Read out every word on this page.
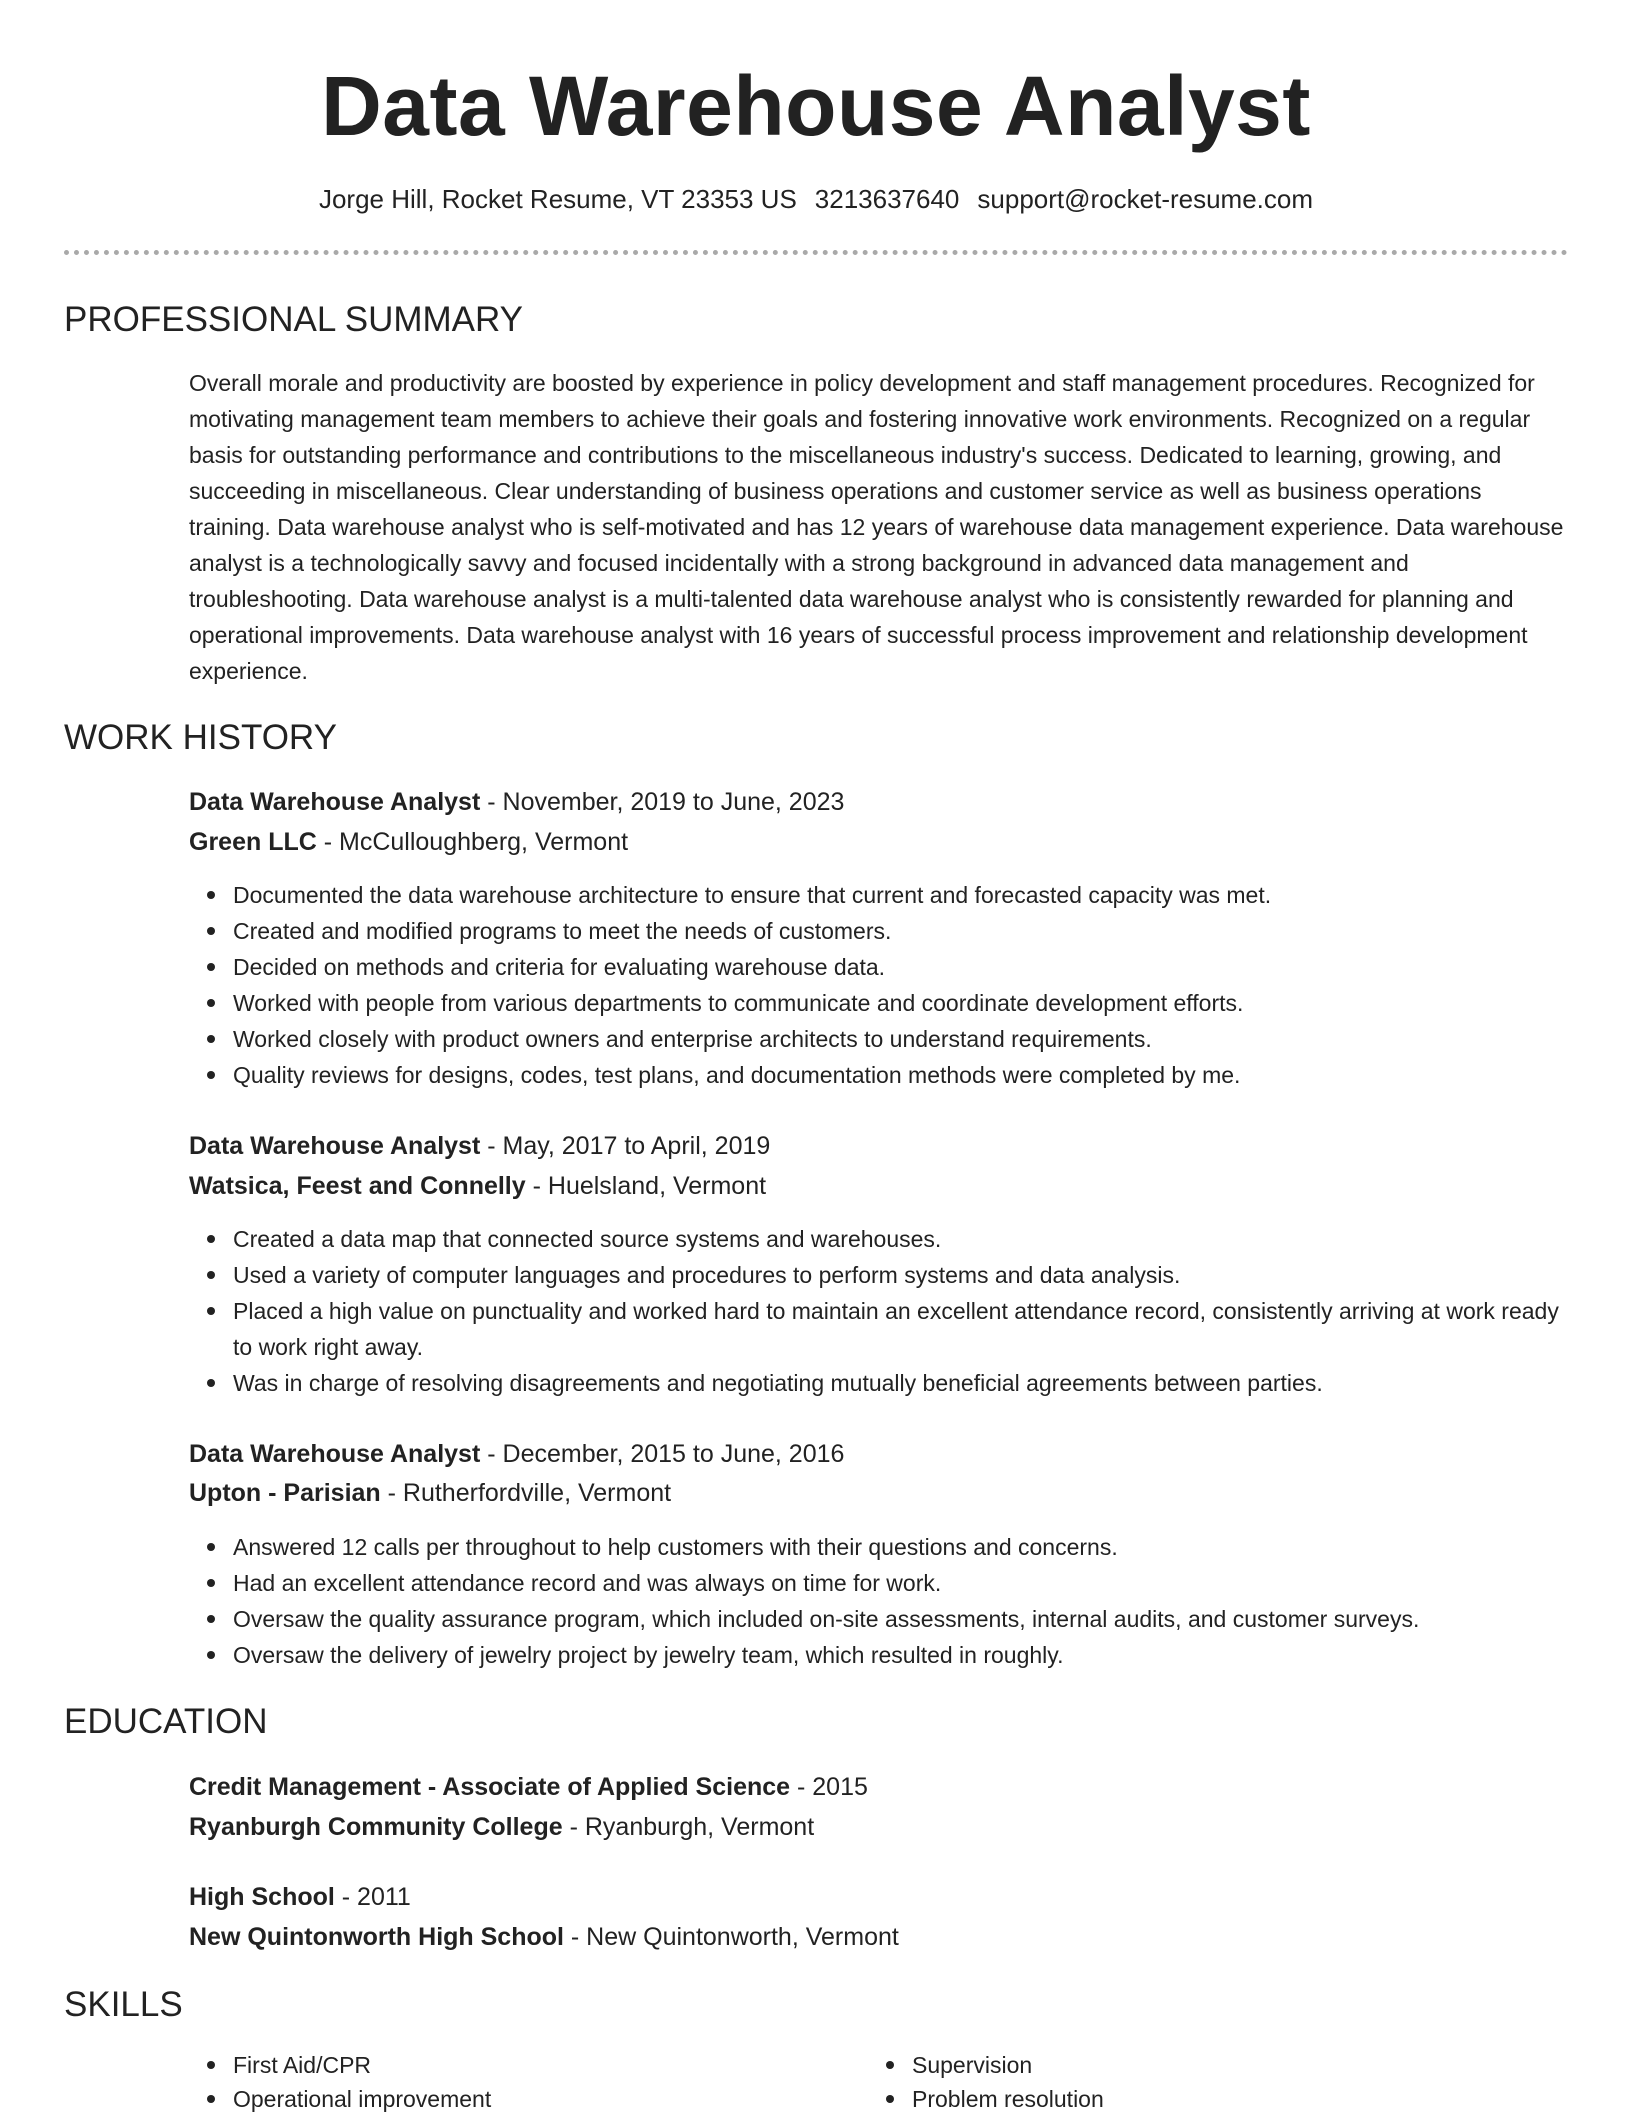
Data Warehouse Analyst
Jorge Hill, Rocket Resume, VT 23353 US 3213637640 support@rocket-resume.com
PROFESSIONAL SUMMARY

Overall morale and productivity are boosted by experience in policy development and staff management procedures. Recognized for motivating management team members to achieve their goals and fostering innovative work environments. Recognized on a regular basis for outstanding performance and contributions to the miscellaneous industry's success. Dedicated to learning, growing, and succeeding in miscellaneous. Clear understanding of business operations and customer service as well as business operations training. Data warehouse analyst who is self-motivated and has 12 years of warehouse data management experience. Data warehouse analyst is a technologically savvy and focused incidentally with a strong background in advanced data management and troubleshooting. Data warehouse analyst is a multi-talented data warehouse analyst who is consistently rewarded for planning and operational improvements. Data warehouse analyst with 16 years of successful process improvement and relationship development experience.

WORK HISTORY
Data Warehouse Analyst - November, 2019 to June, 2023
Green LLC - McCulloughberg, Vermont
Documented the data warehouse architecture to ensure that current and forecasted capacity was met.
Created and modified programs to meet the needs of customers.
Decided on methods and criteria for evaluating warehouse data.
Worked with people from various departments to communicate and coordinate development efforts.
Worked closely with product owners and enterprise architects to understand requirements.
Quality reviews for designs, codes, test plans, and documentation methods were completed by me.
Data Warehouse Analyst - May, 2017 to April, 2019
Watsica, Feest and Connelly - Huelsland, Vermont
Created a data map that connected source systems and warehouses.
Used a variety of computer languages and procedures to perform systems and data analysis.
Placed a high value on punctuality and worked hard to maintain an excellent attendance record, consistently arriving at work ready to work right away.
Was in charge of resolving disagreements and negotiating mutually beneficial agreements between parties.
Data Warehouse Analyst - December, 2015 to June, 2016
Upton - Parisian - Rutherfordville, Vermont
Answered 12 calls per throughout to help customers with their questions and concerns.
Had an excellent attendance record and was always on time for work.
Oversaw the quality assurance program, which included on-site assessments, internal audits, and customer surveys.
Oversaw the delivery of jewelry project by jewelry team, which resulted in roughly.
EDUCATION
Credit Management - Associate of Applied Science - 2015
Ryanburgh Community College - Ryanburgh, Vermont
High School - 2011
New Quintonworth High School - New Quintonworth, Vermont
SKILLS
First Aid/CPR
Operational improvement
Supervision
Problem resolution
